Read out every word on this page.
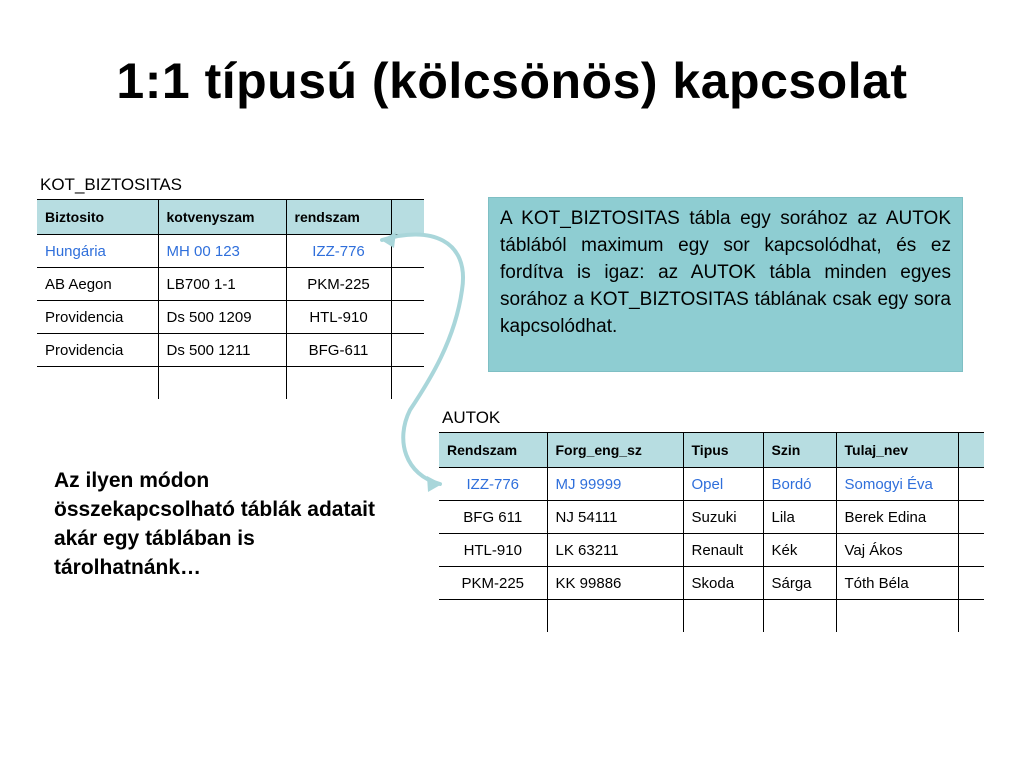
1:1 típusú (kölcsönös) kapcsolat
KOT_BIZTOSITAS
Biztosito	kotvenyszam	rendszam	
Hungária	MH 00 123	IZZ-776	
AB Aegon	LB700 1-1	PKM-225	
Providencia	Ds 500 1209	HTL-910	
Providencia	Ds 500 1211	BFG-611	

A KOT_BIZTOSITAS tábla egy sorához az AUTOK táblából maximum egy sor kapcsolódhat, és ez fordítva is igaz: az AUTOK tábla minden egyes sorához a KOT_BIZTOSITAS táblának csak egy sora kapcsolódhat.
AUTOK
Rendszam	Forg_eng_sz	Tipus	Szin	Tulaj_nev	
IZZ-776	MJ 99999	Opel	Bordó	Somogyi Éva	
BFG 611	NJ 54111	Suzuki	Lila	Berek Edina	
HTL-910	LK 63211	Renault	Kék	Vaj Ákos	
PKM-225	KK 99886	Skoda	Sárga	Tóth Béla	

Az ilyen módon összekapcsolható táblák adatait akár egy táblában is tárolhatnánk…
